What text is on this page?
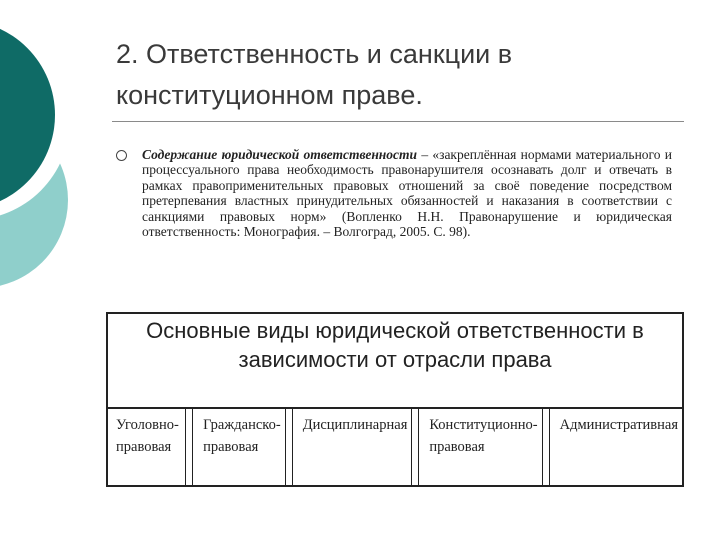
2. Ответственность и санкции в конституционном праве.

Содержание юридической ответственности – «закреплённая нормами материального и процессуального права необходимость правонарушителя осознавать долг и отвечать в рамках правоприменительных правовых отношений за своё поведение посредством претерпевания властных принудительных обязанностей и наказания в соответствии с санкциями правовых норм» (Вопленко Н.Н. Правонарушение и юридическая ответственность: Монография. – Волгоград, 2005. С. 98).

Основные виды юридической ответственности в зависимости от отрасли права
Уголовно-правовая
Гражданско-правовая
Дисциплинарная	Конституционно-правовая
Административная
